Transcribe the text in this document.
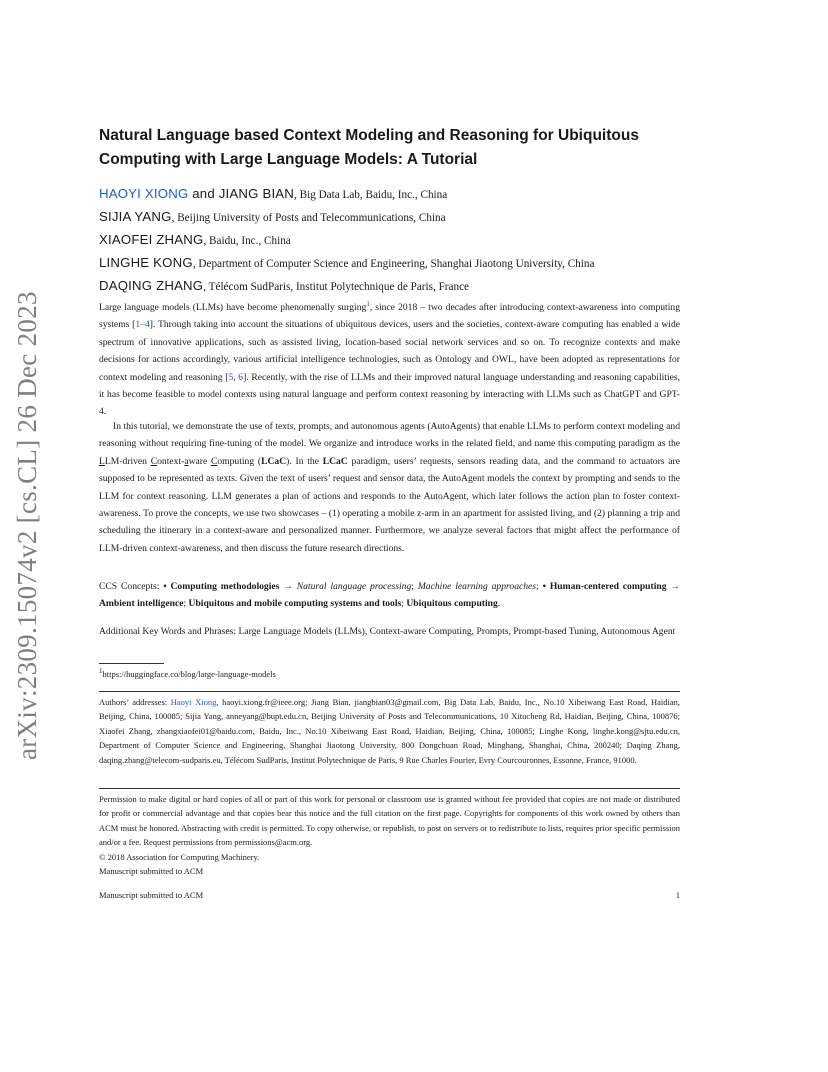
arXiv:2309.15074v2 [cs.CL] 26 Dec 2023
Natural Language based Context Modeling and Reasoning for Ubiquitous Computing with Large Language Models: A Tutorial
HAOYI XIONG and JIANG BIAN, Big Data Lab, Baidu, Inc., China
SIJIA YANG, Beijing University of Posts and Telecommunications, China
XIAOFEI ZHANG, Baidu, Inc., China
LINGHE KONG, Department of Computer Science and Engineering, Shanghai Jiaotong University, China
DAQING ZHANG, Télécom SudParis, Institut Polytechnique de Paris, France

Large language models (LLMs) have become phenomenally surging$^1$, since 2018 – two decades after introducing context-awareness into computing systems [1–4]. Through taking into account the situations of ubiquitous devices, users and the societies, context-aware computing has enabled a wide spectrum of innovative applications, such as assisted living, location-based social network services and so on. To recognize contexts and make decisions for actions accordingly, various artificial intelligence technologies, such as Ontology and OWL, have been adopted as representations for context modeling and reasoning [5, 6]. Recently, with the rise of LLMs and their improved natural language understanding and reasoning capabilities, it has become feasible to model contexts using natural language and perform context reasoning by interacting with LLMs such as ChatGPT and GPT-4.

In this tutorial, we demonstrate the use of texts, prompts, and autonomous agents (AutoAgents) that enable LLMs to perform context modeling and reasoning without requiring fine-tuning of the model. We organize and introduce works in the related field, and name this computing paradigm as the LLM-driven Context-aware Computing (LCaC). In the LCaC paradigm, users’ requests, sensors reading data, and the command to actuators are supposed to be represented as texts. Given the text of users’ request and sensor data, the AutoAgent models the context by prompting and sends to the LLM for context reasoning. LLM generates a plan of actions and responds to the AutoAgent, which later follows the action plan to foster context-awareness. To prove the concepts, we use two showcases – (1) operating a mobile z-arm in an apartment for assisted living, and (2) planning a trip and scheduling the itinerary in a context-aware and personalized manner. Furthermore, we analyze several factors that might affect the performance of LLM-driven context-awareness, and then discuss the future research directions.

CCS Concepts: • Computing methodologies → Natural language processing; Machine learning approaches; • Human-centered computing → Ambient intelligence; Ubiquitous and mobile computing systems and tools; Ubiquitous computing.

Additional Key Words and Phrases: Large Language Models (LLMs), Context-aware Computing, Prompts, Prompt-based Tuning, Autonomous Agent

$^1$https://huggingface.co/blog/large-language-models

Authors’ addresses: Haoyi Xiong, haoyi.xiong.fr@ieee.org; Jiang Bian, jiangbian03@gmail.com, Big Data Lab, Baidu, Inc., No.10 Xibeiwang East Road, Haidian, Beijing, China, 100085; Sijia Yang, anneyang@bupt.edu.cn, Beijing University of Posts and Telecommunications, 10 Xitucheng Rd, Haidian, Beijing, China, 100876; Xiaofei Zhang, zhangxiaofei01@baidu.com, Baidu, Inc., No.10 Xibeiwang East Road, Haidian, Beijing, China, 100085; Linghe Kong, linghe.kong@sjtu.edu.cn, Department of Computer Science and Engineering, Shanghai Jiaotong University, 800 Dongchuan Road, Minghang, Shanghai, China, 200240; Daqing Zhang, daqing.zhang@telecom-sudparis.eu, Télécom SudParis, Institut Polytechnique de Paris, 9 Rue Charles Fourier, Evry Courcouronnes, Essonne, France, 91000.

Permission to make digital or hard copies of all or part of this work for personal or classroom use is granted without fee provided that copies are not made or distributed for profit or commercial advantage and that copies bear this notice and the full citation on the first page. Copyrights for components of this work owned by others than ACM must be honored. Abstracting with credit is permitted. To copy otherwise, or republish, to post on servers or to redistribute to lists, requires prior specific permission and/or a fee. Request permissions from permissions@acm.org.
© 2018 Association for Computing Machinery.
Manuscript submitted to ACM
Manuscript submitted to ACM	1
